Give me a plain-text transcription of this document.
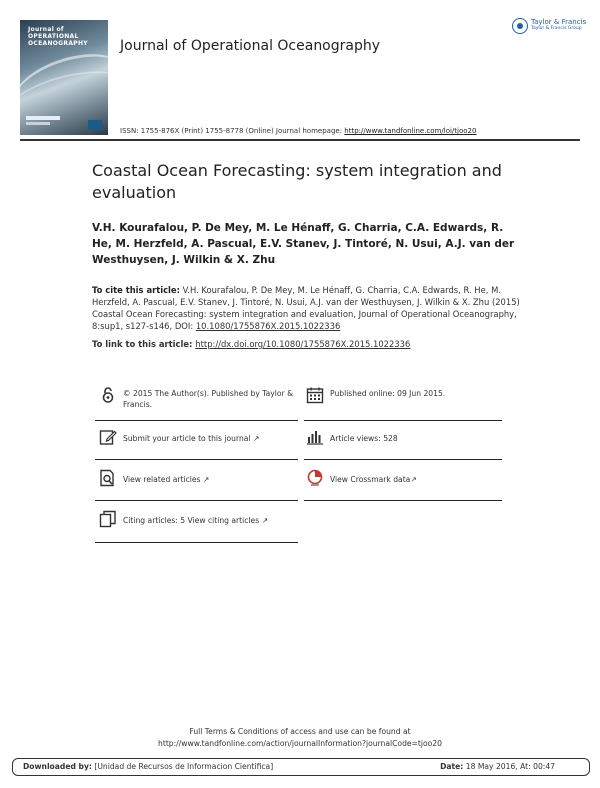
Journal of OPERATIONAL OCEANOGRAPHY	Journal of Operational Oceanography
Taylor & Francis
Taylor & Francis Group
ISSN: 1755-876X (Print) 1755-8778 (Online) Journal homepage: http://www.tandfonline.com/loi/tjoo20
Coastal Ocean Forecasting: system integration and evaluation
V.H. Kourafalou, P. De Mey, M. Le Hénaff, G. Charria, C.A. Edwards, R. He, M. Herzfeld, A. Pascual, E.V. Stanev, J. Tintoré, N. Usui, A.J. van der Westhuysen, J. Wilkin & X. Zhu
To cite this article: V.H. Kourafalou, P. De Mey, M. Le Hénaff, G. Charria, C.A. Edwards, R. He, M. Herzfeld, A. Pascual, E.V. Stanev, J. Tintoré, N. Usui, A.J. van der Westhuysen, J. Wilkin & X. Zhu (2015) Coastal Ocean Forecasting: system integration and evaluation, Journal of Operational Oceanography, 8:sup1, s127-s146, DOI: 10.1080/1755876X.2015.1022336
To link to this article: http://dx.doi.org/10.1080/1755876X.2015.1022336
© 2015 The Author(s). Published by Taylor & Francis.
Published online: 09 Jun 2015.
Submit your article to this journal ↗	Article views: 528
View related articles ↗	View Crossmark data↗
Citing articles: 5 View citing articles ↗
Full Terms & Conditions of access and use can be found at
http://www.tandfonline.com/action/journalInformation?journalCode=tjoo20
Downloaded by: [Unidad de Recursos de Informacion Cientifica]	Date: 18 May 2016, At: 00:47
